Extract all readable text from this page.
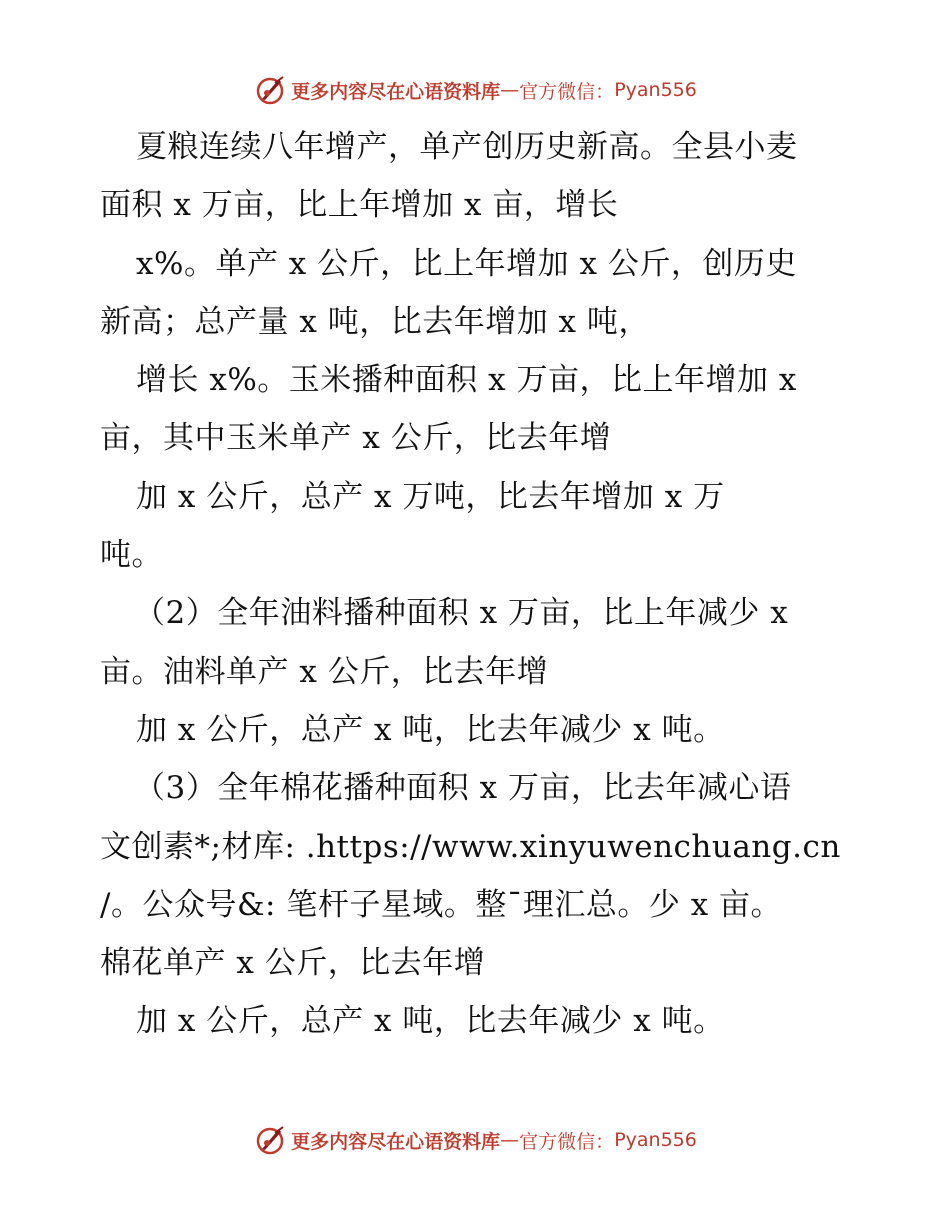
更多内容尽在心语资料库 — 官方微信： Pyan556
夏粮连续八年增产，单产创历史新高。全县小麦
面积 x 万亩，比上年增加 x 亩，增长
x%。单产 x 公斤，比上年增加 x 公斤，创历史
新高；总产量 x 吨，比去年增加 x 吨，
增长 x%。玉米播种面积 x 万亩，比上年增加 x
亩，其中玉米单产 x 公斤，比去年增
加 x 公斤，总产 x 万吨，比去年增加 x 万
吨。
（2）全年油料播种面积 x 万亩，比上年减少 x
亩。油料单产 x 公斤，比去年增
加 x 公斤，总产 x 吨，比去年减少 x 吨。
（3）全年棉花播种面积 x 万亩，比去年减心语
文创素*;材库: .https://www.xinyuwenchuang.cn
/。公众号&: 笔杆子星域。整¯理汇总。少 x 亩。
棉花单产 x 公斤，比去年增
加 x 公斤，总产 x 吨，比去年减少 x 吨。
更多内容尽在心语资料库 — 官方微信： Pyan556
